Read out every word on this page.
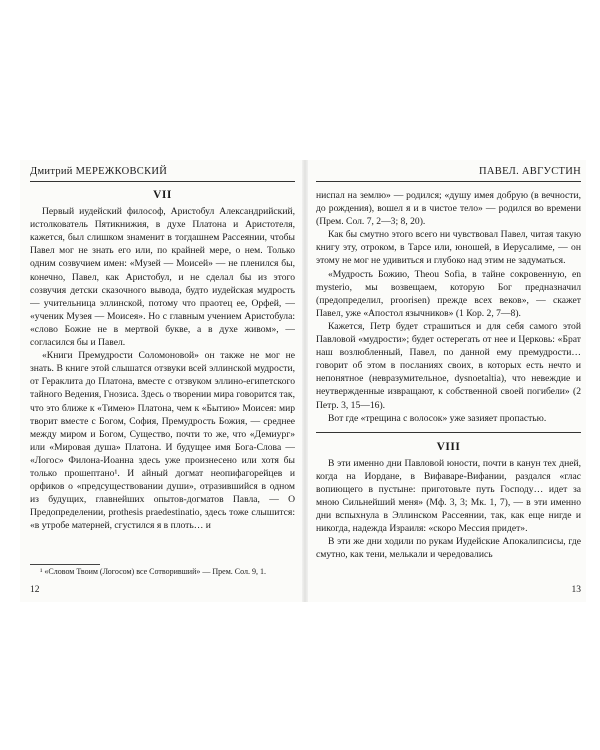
Дмитрий МЕРЕЖКОВСКИЙ
VII

Первый иудейский философ, Аристобул Александрийский, истолкователь Пятикнижия, в духе Платона и Аристотеля, кажется, был слишком знаменит в тогдашнем Рассеянии, чтобы Павел мог не знать его или, по крайней мере, о нем. Только одним созвучием имен: «Музей — Моисей» — не пленился бы, конечно, Павел, как Аристобул, и не сделал бы из этого созвучия детски сказочного вывода, будто иудейская мудрость — учительница эллинской, потому что праотец ее, Орфей, — «ученик Музея — Моисея». Но с главным учением Аристобула: «слово Божие не в мертвой букве, а в духе живом», — согласился бы и Павел.

«Книги Премудрости Соломоновой» он также не мог не знать. В книге этой слышатся отзвуки всей эллинской мудрости, от Гераклита до Платона, вместе с отзвуком эллино-египетского тайного Ведения, Гнозиса. Здесь о творении мира говорится так, что это ближе к «Тимею» Платона, чем к «Бытию» Моисея: мир творит вместе с Богом, София, Премудрость Божия, — среднее между миром и Богом, Существо, почти то же, что «Демиург» или «Мировая душа» Платона. И будущее имя Бога-Слова — «Логос» Филона-Иоанна здесь уже произнесено или хотя бы только прошептано¹. И айный догмат неопифагорейцев и орфиков о «предсуществовании души», отразившийся в одном из будущих, главнейших опытов-догматов Павла, — О Предопределении, prothesis praedestinatio, здесь тоже слышится: «в утробе матерней, сгустился я в плоть… и

¹ «Словом Твоим (Логосом) все Сотворивший» — Прем. Сол. 9, 1.
12
ПАВЕЛ. АВГУСТИН

ниспал на землю» — родился; «душу имея добрую (в вечности, до рождения), вошел я и в чистое тело» — родился во времени (Прем. Сол. 7, 2—3; 8, 20).

Как бы смутно этого всего ни чувствовал Павел, читая такую книгу эту, отроком, в Тарсе или, юношей, в Иерусалиме, — он этому не мог не удивиться и глубоко над этим не задуматься.

«Мудрость Божию, Theou Sofia, в тайне сокровенную, en mysterio, мы возвещаем, которую Бог предназначил (предопределил, proorisen) прежде всех веков», — скажет Павел, уже «Апостол язычников» (1 Кор. 2, 7—8).

Кажется, Петр будет страшиться и для себя самого этой Павловой «мудрости»; будет остерегать от нее и Церковь: «Брат наш возлюбленный, Павел, по данной ему премудрости… говорит об этом в посланиях своих, в которых есть нечто и непонятное (невразумительное, dysnoetaltіа), что невеждие и неутвержденные извращают, к собственной своей погибели» (2 Петр. 3, 15—16).

Вот где «трещина с волосок» уже зазияет пропастью.

VIII

В эти именно дни Павловой юности, почти в канун тех дней, когда на Иордане, в Вифаваре-Вифании, раздался «глас вопиющего в пустыне: приготовьте путь Господу… идет за мною Сильнейший меня» (Мф. 3, 3; Мк. 1, 7), — в эти именно дни вспыхнула в Эллинском Рассеянии, так, как еще нигде и никогда, надежда Израиля: «скоро Мессия придет».

В эти же дни ходили по рукам Иудейские Апокалипсисы, где смутно, как тени, мелькали и чередовались

13
